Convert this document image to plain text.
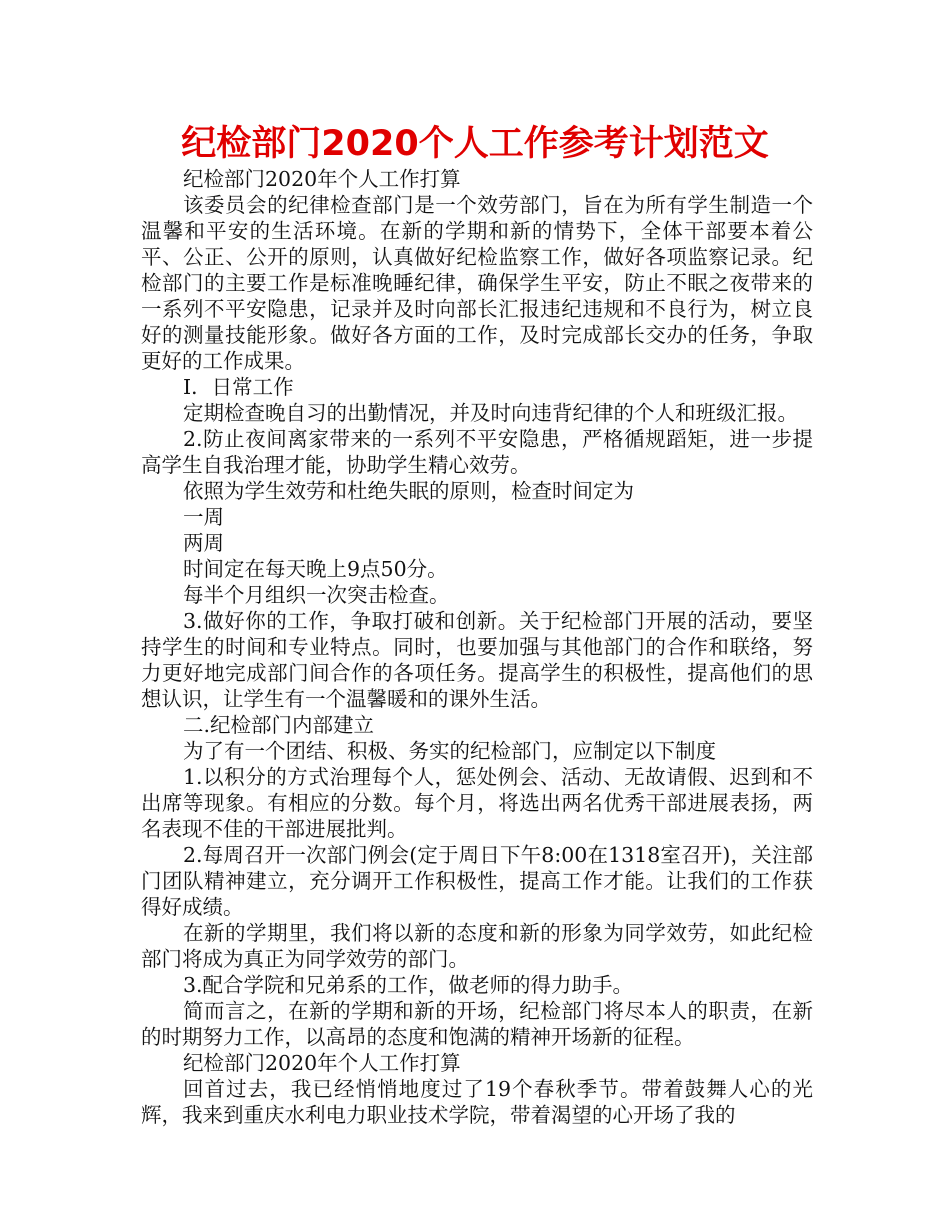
纪检部门2020个人工作参考计划范文

纪检部门2020年个人工作打算

该委员会的纪律检查部门是一个效劳部门，旨在为所有学生制造一个温馨和平安的生活环境。在新的学期和新的情势下，全体干部要本着公平、公正、公开的原则，认真做好纪检监察工作，做好各项监察记录。纪检部门的主要工作是标准晚睡纪律，确保学生平安，防止不眠之夜带来的一系列不平安隐患，记录并及时向部长汇报违纪违规和不良行为，树立良好的测量技能形象。做好各方面的工作，及时完成部长交办的任务，争取更好的工作成果。

I．日常工作

定期检查晚自习的出勤情况，并及时向违背纪律的个人和班级汇报。

2.防止夜间离家带来的一系列不平安隐患，严格循规蹈矩，进一步提高学生自我治理才能，协助学生精心效劳。

依照为学生效劳和杜绝失眠的原则，检查时间定为

一周

两周

时间定在每天晚上9点50分。

每半个月组织一次突击检查。

3.做好你的工作，争取打破和创新。关于纪检部门开展的活动，要坚持学生的时间和专业特点。同时，也要加强与其他部门的合作和联络，努力更好地完成部门间合作的各项任务。提高学生的积极性，提高他们的思想认识，让学生有一个温馨暖和的课外生活。

二.纪检部门内部建立

为了有一个团结、积极、务实的纪检部门，应制定以下制度

1.以积分的方式治理每个人，惩处例会、活动、无故请假、迟到和不出席等现象。有相应的分数。每个月，将选出两名优秀干部进展表扬，两名表现不佳的干部进展批判。

2.每周召开一次部门例会(定于周日下午8:00在1318室召开)，关注部门团队精神建立，充分调开工作积极性，提高工作才能。让我们的工作获得好成绩。

在新的学期里，我们将以新的态度和新的形象为同学效劳，如此纪检部门将成为真正为同学效劳的部门。

3.配合学院和兄弟系的工作，做老师的得力助手。

简而言之，在新的学期和新的开场，纪检部门将尽本人的职责，在新的时期努力工作，以高昂的态度和饱满的精神开场新的征程。

纪检部门2020年个人工作打算

回首过去，我已经悄悄地度过了19个春秋季节。带着鼓舞人心的光辉，我来到重庆水利电力职业技术学院，带着渴望的心开场了我的
